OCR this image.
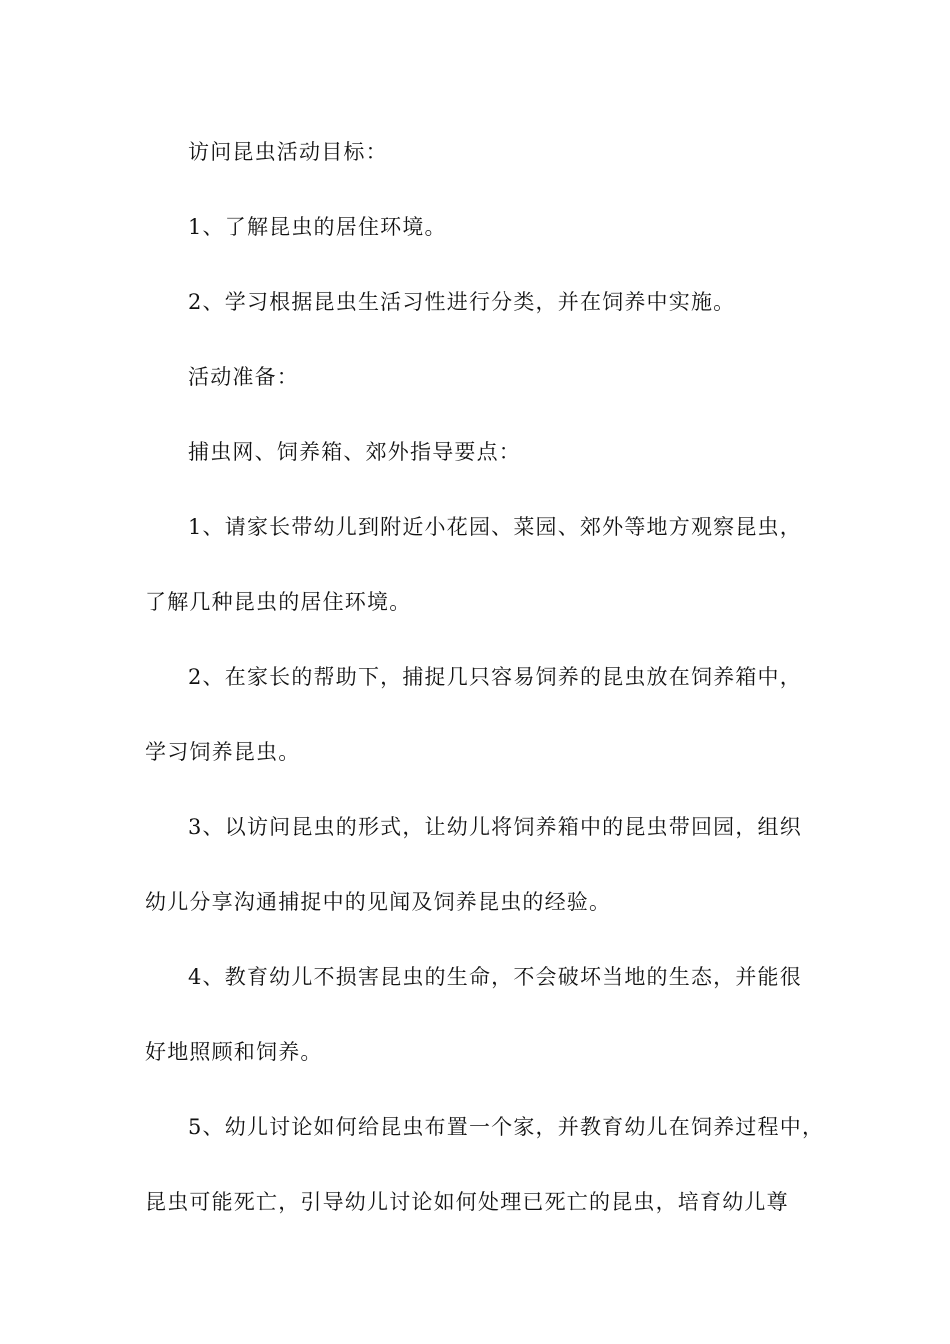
访问昆虫活动目标：
1、了解昆虫的居住环境。
2、学习根据昆虫生活习性进行分类，并在饲养中实施。
活动准备：
捕虫网、饲养箱、郊外指导要点：
1、请家长带幼儿到附近小花园、菜园、郊外等地方观察昆虫，
了解几种昆虫的居住环境。
2、在家长的帮助下，捕捉几只容易饲养的昆虫放在饲养箱中，
学习饲养昆虫。
3、以访问昆虫的形式，让幼儿将饲养箱中的昆虫带回园，组织
幼儿分享沟通捕捉中的见闻及饲养昆虫的经验。
4、教育幼儿不损害昆虫的生命，不会破坏当地的生态，并能很
好地照顾和饲养。
5、幼儿讨论如何给昆虫布置一个家，并教育幼儿在饲养过程中，
昆虫可能死亡，引导幼儿讨论如何处理已死亡的昆虫，培育幼儿尊
